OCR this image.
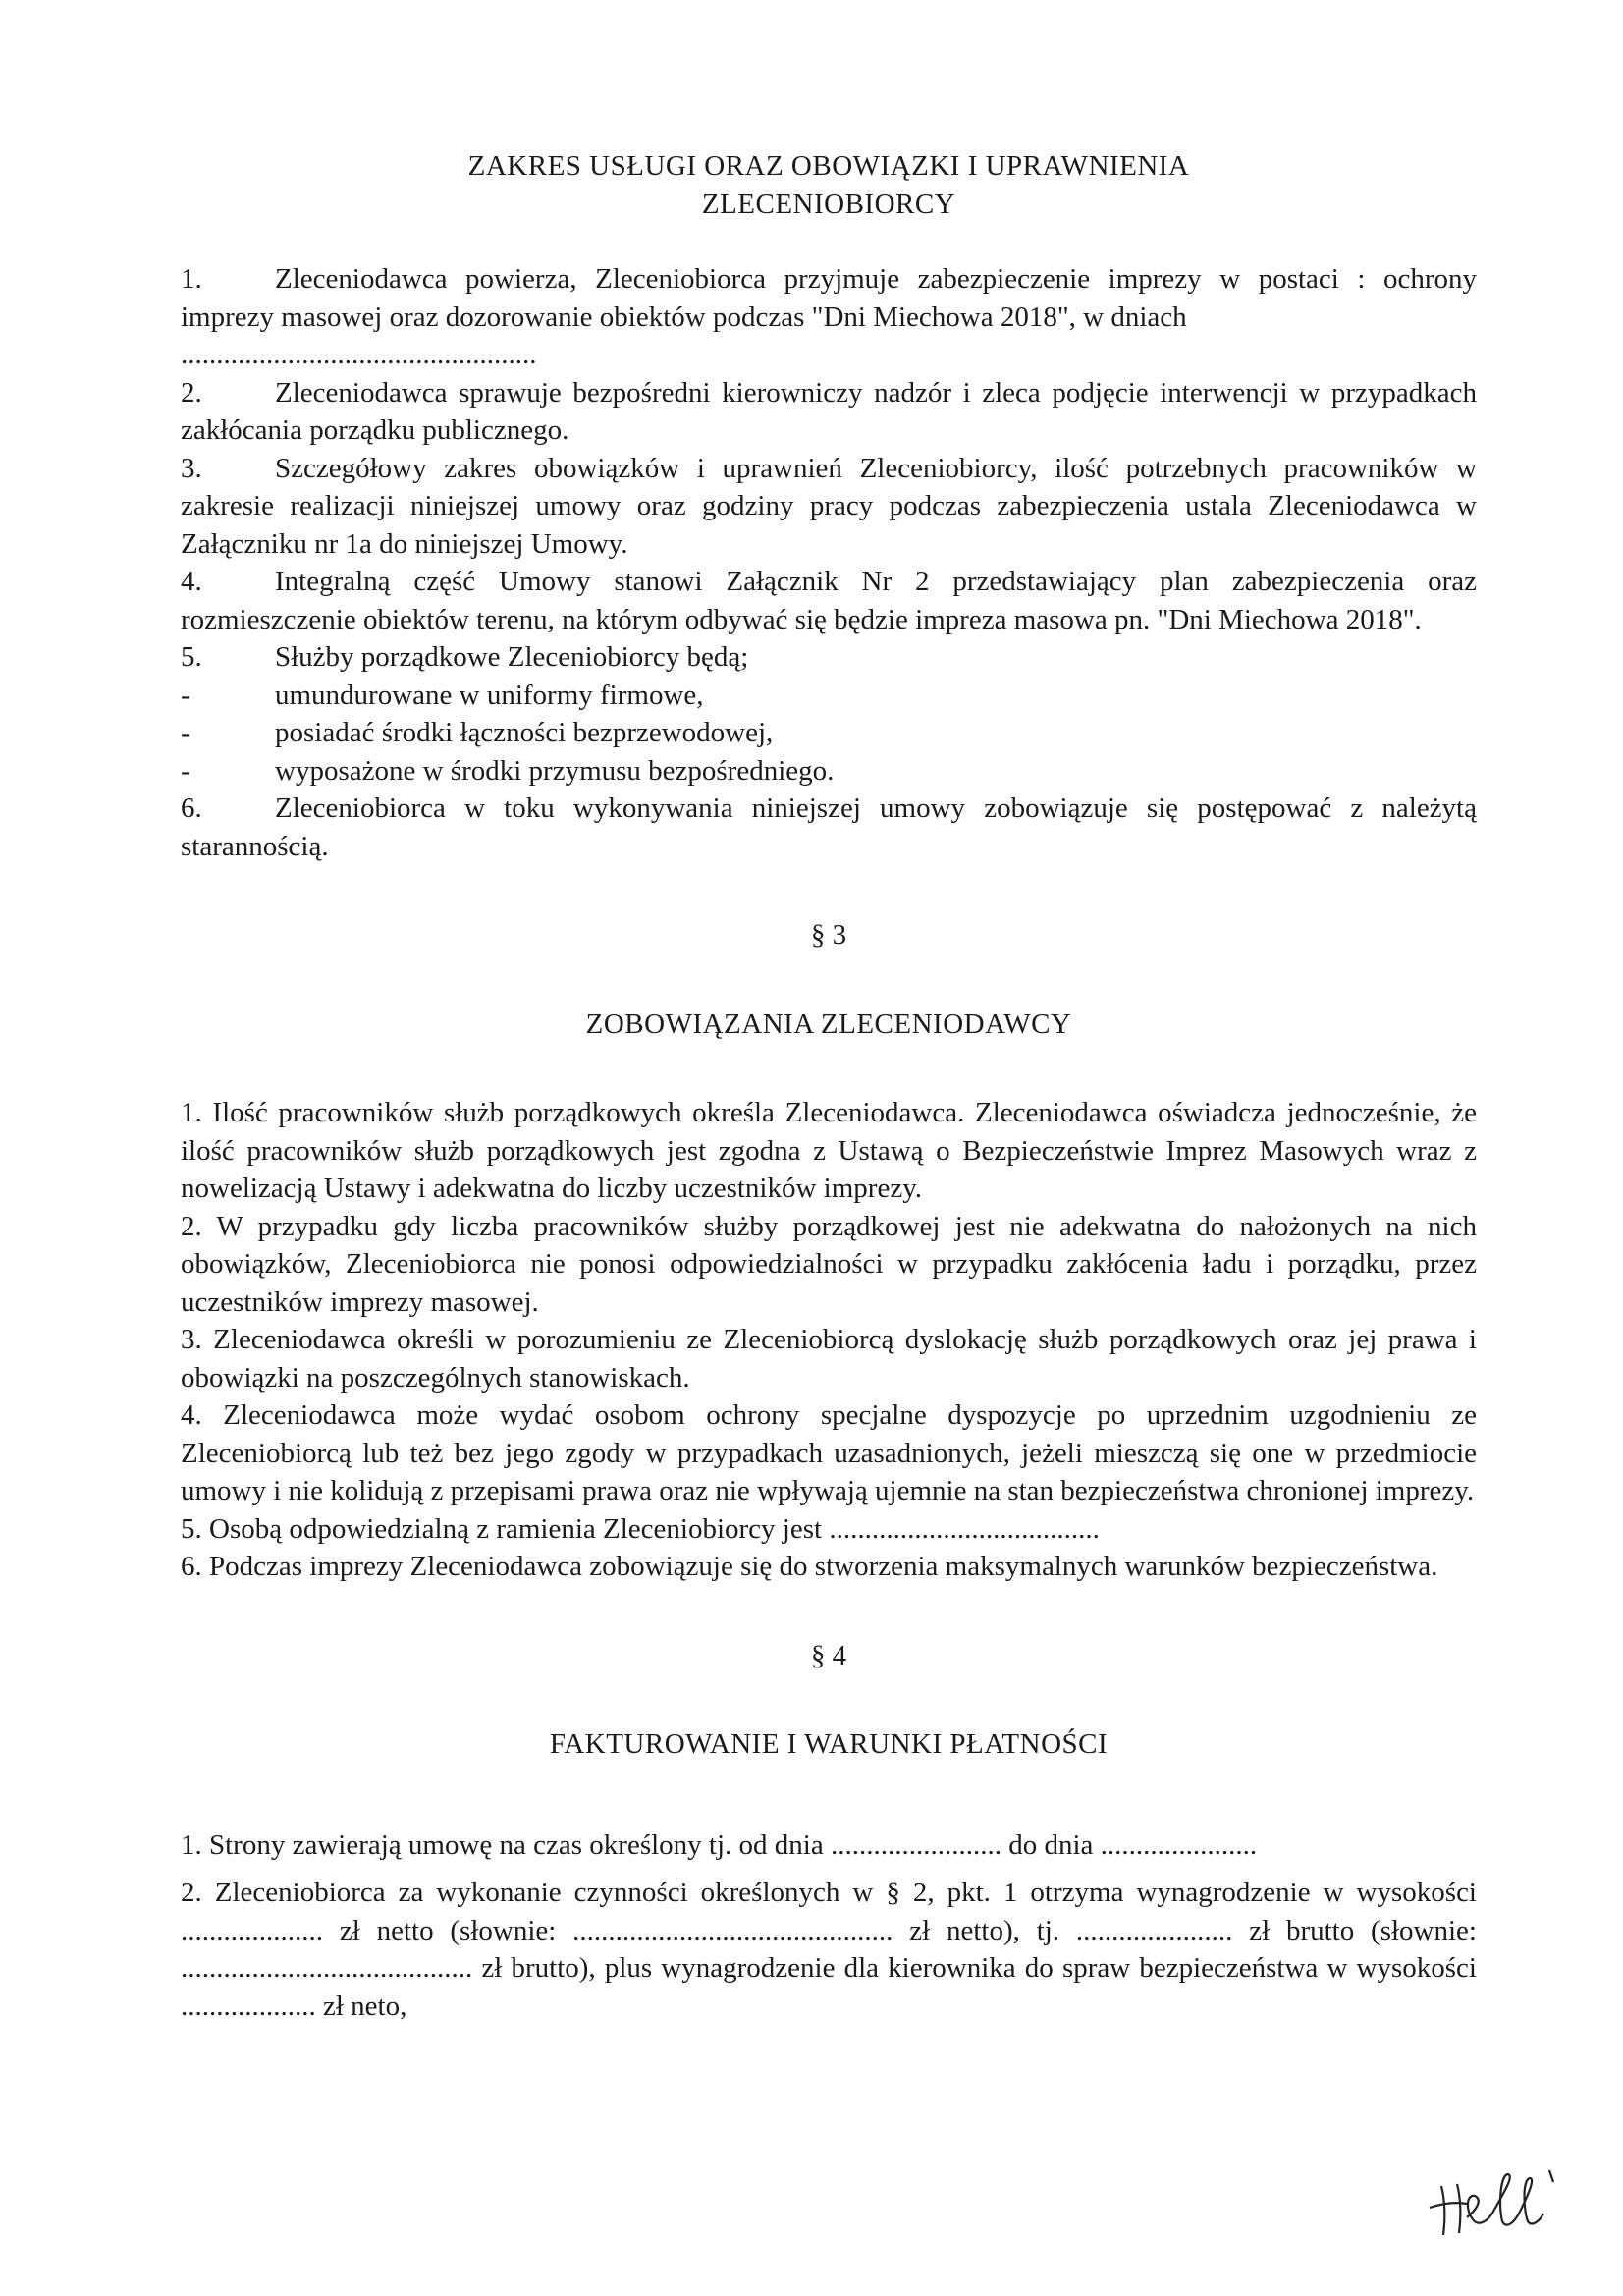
ZAKRES USŁUGI ORAZ OBOWIĄZKI I UPRAWNIENIA

ZLECENIOBIORCY

1.	Zleceniodawca powierza, Zleceniobiorca przyjmuje zabezpieczenie imprezy w postaci : ochrony imprezy masowej oraz dozorowanie obiektów podczas "Dni Miechowa 2018", w dniach

..................................................

2.	Zleceniodawca sprawuje bezpośredni kierowniczy nadzór i zleca podjęcie interwencji w przypadkach zakłócania porządku publicznego.
3.	Szczegółowy zakres obowiązków i uprawnień Zleceniobiorcy, ilość potrzebnych pracowników w zakresie realizacji niniejszej umowy oraz godziny pracy podczas zabezpieczenia ustala Zleceniodawca w Załączniku nr 1a do niniejszej Umowy.
4.	Integralną część Umowy stanowi Załącznik Nr 2 przedstawiający plan zabezpieczenia oraz rozmieszczenie obiektów terenu, na którym odbywać się będzie impreza masowa pn. "Dni Miechowa 2018".
5.	Służby porządkowe Zleceniobiorcy będą;
-	umundurowane w uniformy firmowe,
-	posiadać środki łączności bezprzewodowej,
-	wyposażone w środki przymusu bezpośredniego.
6.	Zleceniobiorca w toku wykonywania niniejszej umowy zobowiązuje się postępować z należytą starannością.

§ 3

ZOBOWIĄZANIA ZLECENIODAWCY

1. Ilość pracowników służb porządkowych określa Zleceniodawca. Zleceniodawca oświadcza jednocześnie, że ilość pracowników służb porządkowych jest zgodna z Ustawą o Bezpieczeństwie Imprez Masowych wraz z nowelizacją Ustawy i adekwatna do liczby uczestników imprezy.

2. W przypadku gdy liczba pracowników służby porządkowej jest nie adekwatna do nałożonych na nich obowiązków, Zleceniobiorca nie ponosi odpowiedzialności w przypadku zakłócenia ładu i porządku, przez uczestników imprezy masowej.

3. Zleceniodawca określi w porozumieniu ze Zleceniobiorcą dyslokację służb porządkowych oraz jej prawa i obowiązki na poszczególnych stanowiskach.

4. Zleceniodawca może wydać osobom ochrony specjalne dyspozycje po uprzednim uzgodnieniu ze Zleceniobiorcą lub też bez jego zgody w przypadkach uzasadnionych, jeżeli mieszczą się one w przedmiocie umowy i nie kolidują z przepisami prawa oraz nie wpływają ujemnie na stan bezpieczeństwa chronionej imprezy.

5. Osobą odpowiedzialną z ramienia Zleceniobiorcy jest ......................................

6. Podczas imprezy Zleceniodawca zobowiązuje się do stworzenia maksymalnych warunków bezpieczeństwa.

§ 4

FAKTUROWANIE I WARUNKI PŁATNOŚCI

1. Strony zawierają umowę na czas określony tj. od dnia ........................ do dnia ......................

2. Zleceniobiorca za wykonanie czynności określonych w § 2, pkt. 1 otrzyma wynagrodzenie w wysokości .................... zł netto (słownie: ............................................. zł netto), tj. ...................... zł brutto (słownie: ......................................... zł brutto), plus wynagrodzenie dla kierownika do spraw bezpieczeństwa w wysokości ................... zł neto,
